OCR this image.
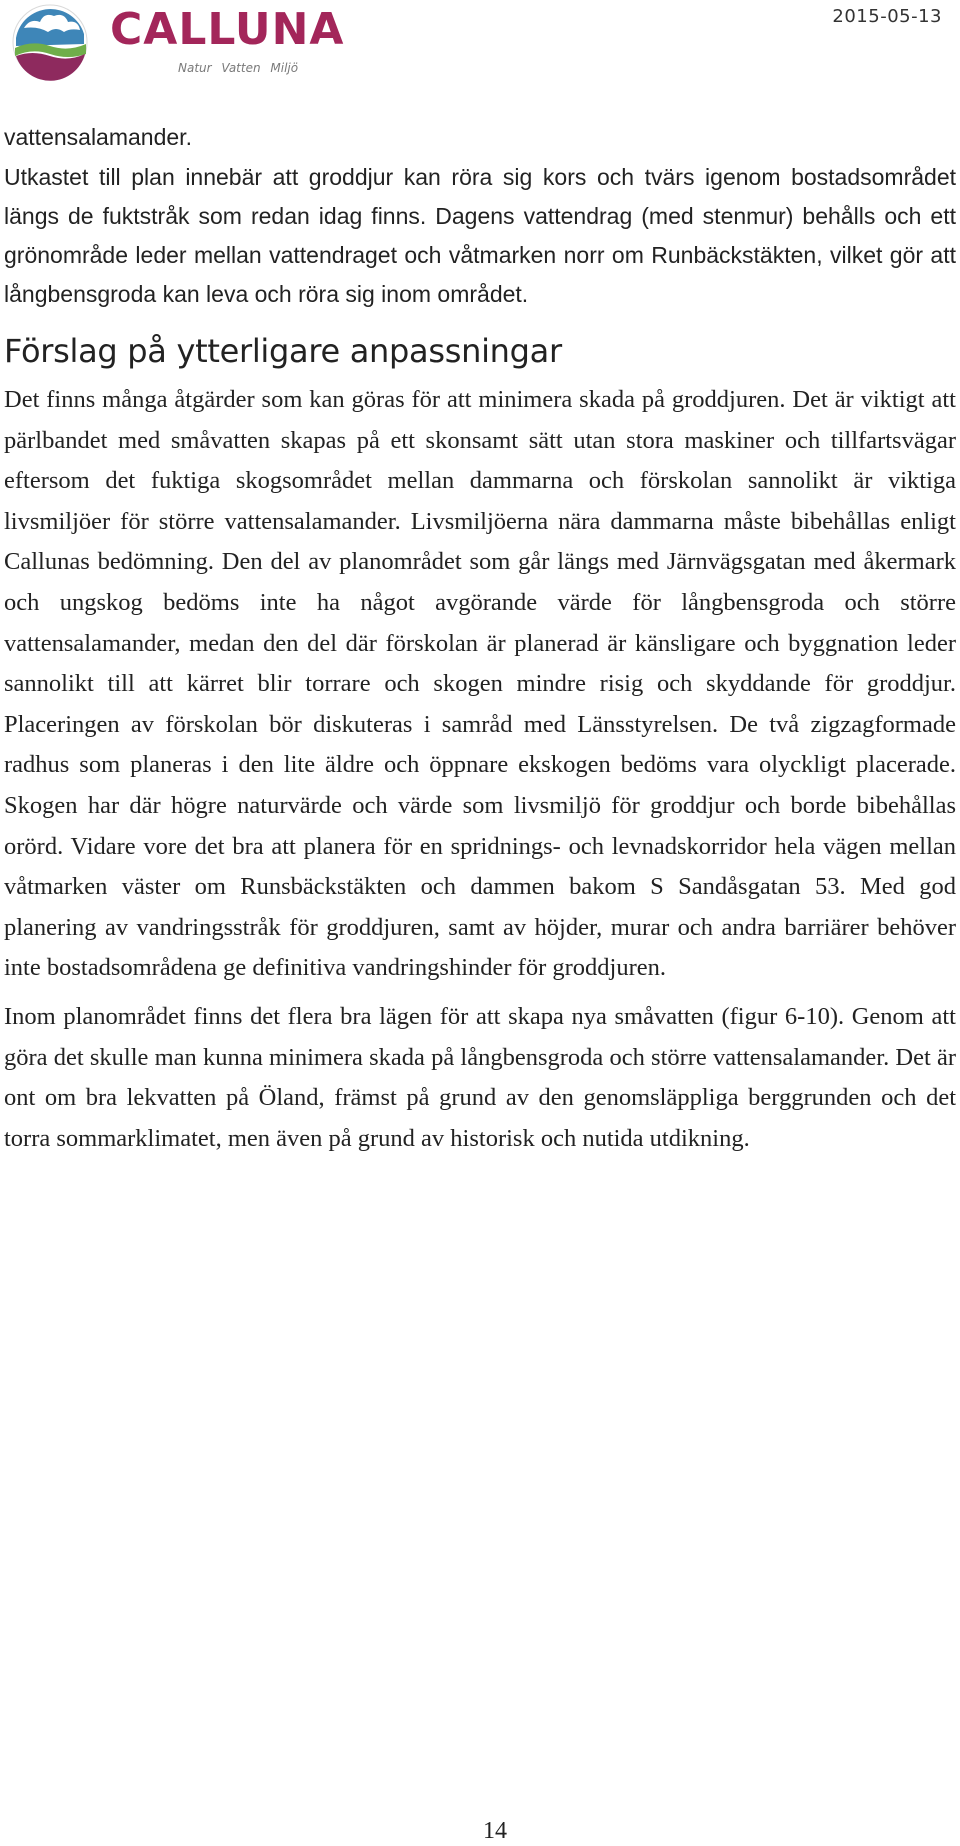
CALLUNA
Natur Vatten Miljö
2015-05-13

vattensalamander.

Utkastet till plan innebär att groddjur kan röra sig kors och tvärs igenom bostadsområdet längs de fuktstråk som redan idag finns. Dagens vattendrag (med stenmur) behålls och ett grönområde leder mellan vattendraget och våtmarken norr om Runbäckstäkten, vilket gör att långbensgroda kan leva och röra sig inom området.

Förslag på ytterligare anpassningar

Det finns många åtgärder som kan göras för att minimera skada på groddjuren. Det är viktigt att pärlbandet med småvatten skapas på ett skonsamt sätt utan stora maskiner och tillfartsvägar eftersom det fuktiga skogsområdet mellan dammarna och förskolan sannolikt är viktiga livsmiljöer för större vattensalamander. Livsmiljöerna nära dammarna måste bibehållas enligt Callunas bedömning. Den del av planområdet som går längs med Järnvägsgatan med åkermark och ungskog bedöms inte ha något avgörande värde för långbensgroda och större vattensalamander, medan den del där förskolan är planerad är känsligare och byggnation leder sannolikt till att kärret blir torrare och skogen mindre risig och skyddande för groddjur. Placeringen av förskolan bör diskuteras i samråd med Länsstyrelsen. De två zigzagformade radhus som planeras i den lite äldre och öppnare ekskogen bedöms vara olyckligt placerade. Skogen har där högre naturvärde och värde som livsmiljö för groddjur och borde bibehållas orörd. Vidare vore det bra att planera för en spridnings- och levnadskorridor hela vägen mellan våtmarken väster om Runsbäckstäkten och dammen bakom S Sandåsgatan 53. Med god planering av vandringsstråk för groddjuren, samt av höjder, murar och andra barriärer behöver inte bostadsområdena ge definitiva vandringshinder för groddjuren.

Inom planområdet finns det flera bra lägen för att skapa nya småvatten (figur 6-10). Genom att göra det skulle man kunna minimera skada på långbensgroda och större vattensalamander. Det är ont om bra lekvatten på Öland, främst på grund av den genomsläppliga berggrunden och det torra sommarklimatet, men även på grund av historisk och nutida utdikning.

14
